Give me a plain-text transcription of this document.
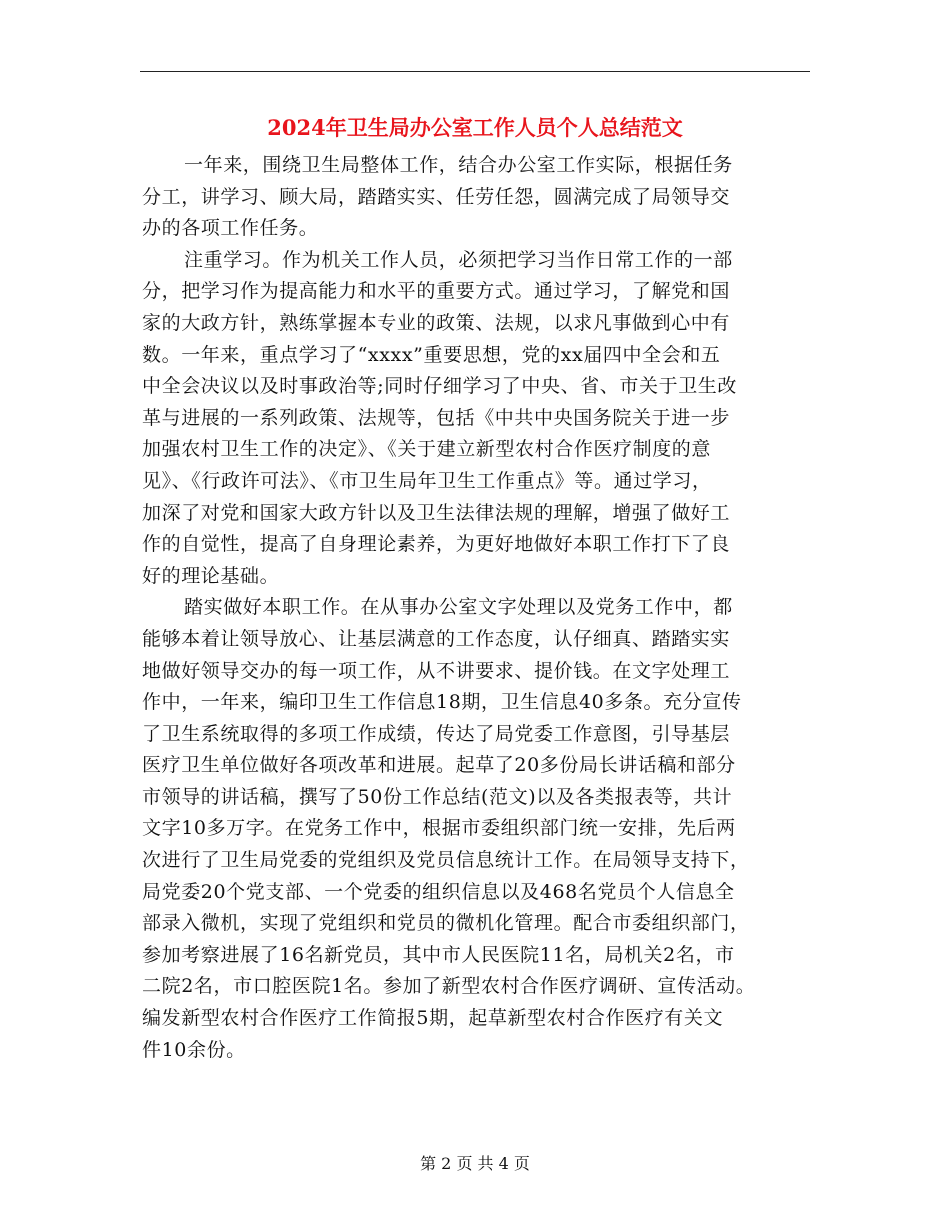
2024年卫生局办公室工作人员个人总结范文
一年来，围绕卫生局整体工作，结合办公室工作实际，根据任务
分工，讲学习、顾大局，踏踏实实、任劳任怨，圆满完成了局领导交
办的各项工作任务。
注重学习。作为机关工作人员，必须把学习当作日常工作的一部
分，把学习作为提高能力和水平的重要方式。通过学习，了解党和国
家的大政方针，熟练掌握本专业的政策、法规，以求凡事做到心中有
数。一年来，重点学习了“xxxx”重要思想，党的xx届四中全会和五
中全会决议以及时事政治等;同时仔细学习了中央、省、市关于卫生改
革与进展的一系列政策、法规等，包括《中共中央国务院关于进一步
加强农村卫生工作的决定》、《关于建立新型农村合作医疗制度的意
见》、《行政许可法》、《市卫生局年卫生工作重点》等。通过学习，
加深了对党和国家大政方针以及卫生法律法规的理解，增强了做好工
作的自觉性，提高了自身理论素养，为更好地做好本职工作打下了良
好的理论基础。
踏实做好本职工作。在从事办公室文字处理以及党务工作中，都
能够本着让领导放心、让基层满意的工作态度，认仔细真、踏踏实实
地做好领导交办的每一项工作，从不讲要求、提价钱。在文字处理工
作中，一年来，编印卫生工作信息18期，卫生信息40多条。充分宣传
了卫生系统取得的多项工作成绩，传达了局党委工作意图，引导基层
医疗卫生单位做好各项改革和进展。起草了20多份局长讲话稿和部分
市领导的讲话稿，撰写了50份工作总结(范文)以及各类报表等，共计
文字10多万字。在党务工作中，根据市委组织部门统一安排，先后两
次进行了卫生局党委的党组织及党员信息统计工作。在局领导支持下，
局党委20个党支部、一个党委的组织信息以及468名党员个人信息全
部录入微机，实现了党组织和党员的微机化管理。配合市委组织部门，
参加考察进展了16名新党员，其中市人民医院11名，局机关2名，市
二院2名，市口腔医院1名。参加了新型农村合作医疗调研、宣传活动。
编发新型农村合作医疗工作简报5期，起草新型农村合作医疗有关文
件10余份。
第 2 页 共 4 页
